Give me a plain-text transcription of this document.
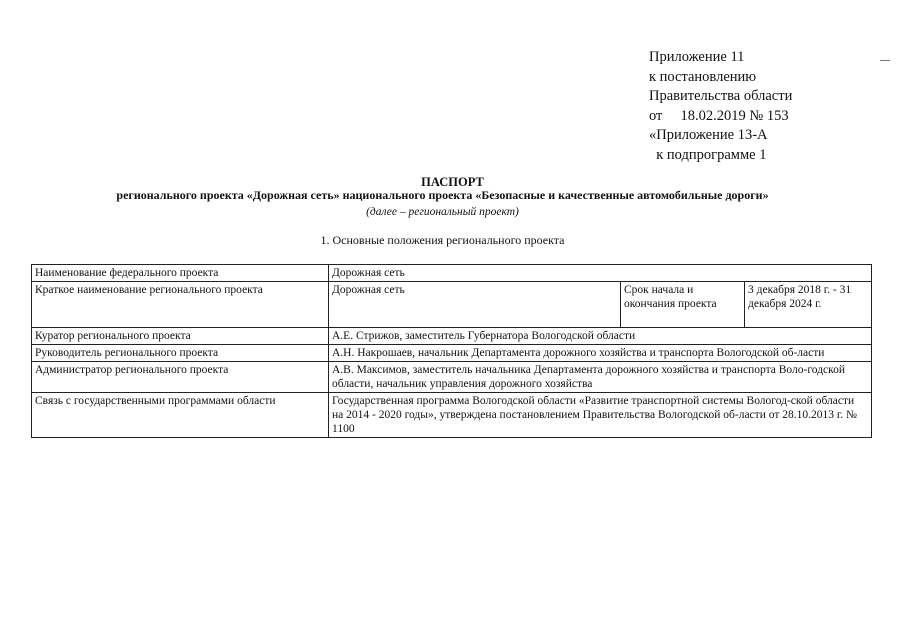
Приложение 11
к постановлению
Правительства области
от     18.02.2019 № 153
«Приложение 13-А
к подпрограмме 1
ПАСПОРТ
регионального проекта «Дорожная сеть» национального проекта «Безопасные и качественные автомобильные дороги»
(далее – региональный проект)
1. Основные положения регионального проекта
Наименование федерального проекта	Дорожная сеть		
Краткое наименование регионального проекта	Дорожная сеть	Срок начала и окончания проекта	3 декабря 2018 г. - 31 декабря 2024 г.
Куратор регионального проекта	А.Е. Стрижов, заместитель Губернатора Вологодской области		
Руководитель регионального проекта	А.Н. Накрошаев, начальник Департамента дорожного хозяйства и транспорта Вологодской об-ласти		
Администратор регионального проекта	А.В. Максимов, заместитель начальника Департамента дорожного хозяйства и транспорта Воло-годской области, начальник управления дорожного хозяйства		
Связь с государственными программами области	Государственная программа Вологодской области «Развитие транспортной системы Вологод-ской области на 2014 - 2020 годы», утверждена постановлением Правительства Вологодской об-ласти от 28.10.2013 г. № 1100		
